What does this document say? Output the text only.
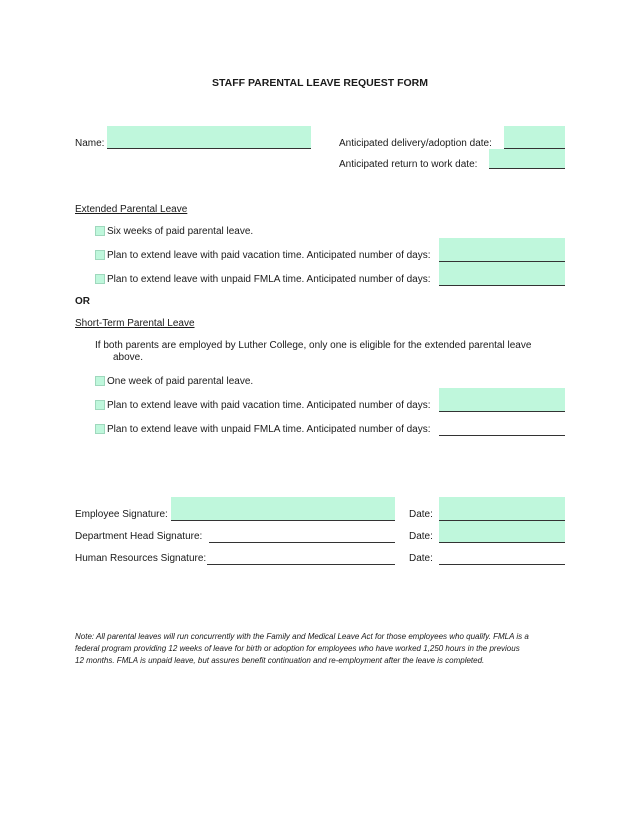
STAFF PARENTAL LEAVE REQUEST FORM
Name:	Anticipated delivery/adoption date:
Anticipated return to work date:
Extended Parental Leave
Six weeks of paid parental leave.
Plan to extend leave with paid vacation time. Anticipated number of days:
Plan to extend leave with unpaid FMLA time. Anticipated number of days:
OR
Short-Term Parental Leave
If both parents are employed by Luther College, only one is eligible for the extended parental leave
above.
One week of paid parental leave.
Plan to extend leave with paid vacation time. Anticipated number of days:
Plan to extend leave with unpaid FMLA time. Anticipated number of days:
Employee Signature:	Date:
Department Head Signature:	Date:
Human Resources Signature:	Date:
Note: All parental leaves will run concurrently with the Family and Medical Leave Act for those employees who qualify. FMLA is a
federal program providing 12 weeks of leave for birth or adoption for employees who have worked 1,250 hours in the previous
12 months. FMLA is unpaid leave, but assures benefit continuation and re-employment after the leave is completed.
